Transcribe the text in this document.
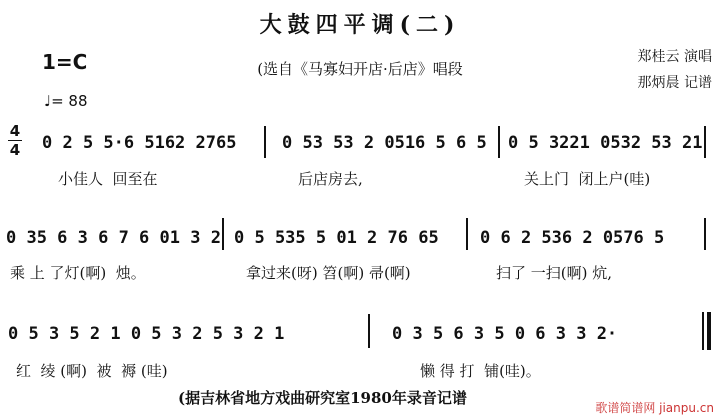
大鼓四平调(二)
(选自《马寡妇开店·后店》唱段
1=C
♩= 88
郑桂云 演唱
那炳晨 记谱
4
4 0 2 5 5·6 5162 2765
小佳人  回至在
0 53 53 2 0516 5 6 5
后店房去,
0 5 3221 0532 53 21
关上门  闭上户(哇)
0 35 6 3 6 7 6 01 3 2
乘 上 了灯(啊)  烛。
0 5 535 5 01 2 76 65
拿过来(呀) 笤(啊) 帚(啊)
0 6 2 536 2 0576 5
扫了 一扫(啊) 炕,
0 5 3 5 2 1 0 5 3 2 5 3 2 1
红  绫 (啊)  被  褥 (哇)
0 3 5 6 3 5 0 6 3 3 2·
懒 得 打  铺(哇)。
(据吉林省地方戏曲研究室1980年录音记谱
歌谱简谱网 jianpu.cn
